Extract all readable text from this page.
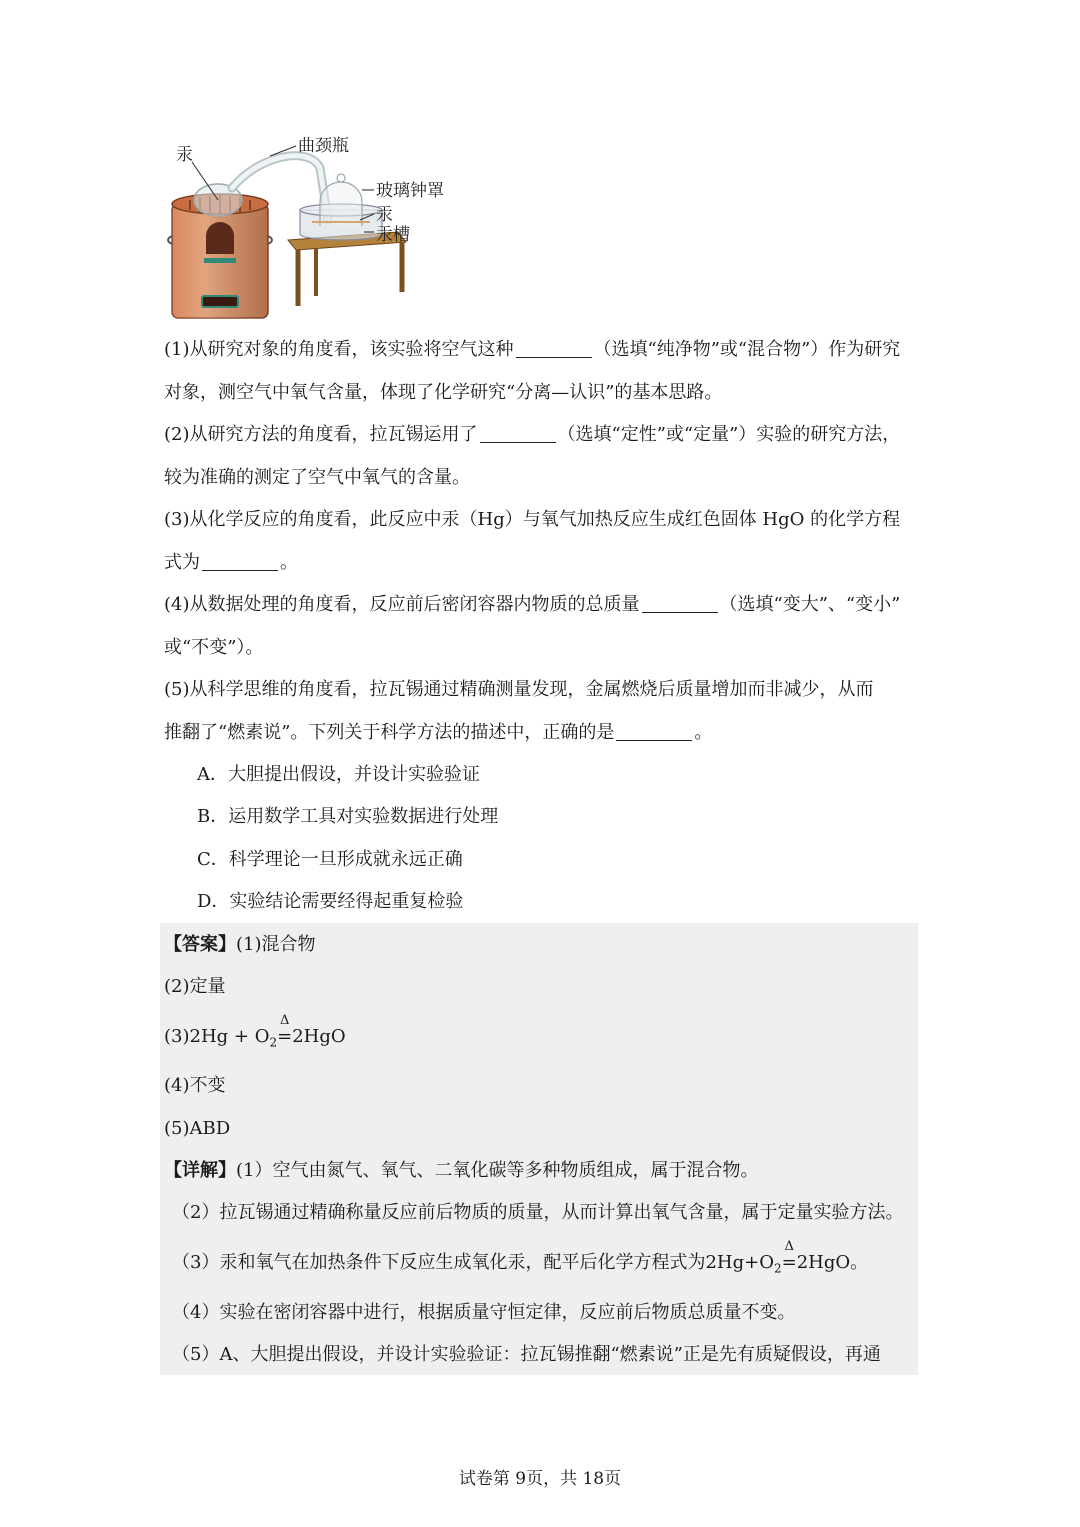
汞	曲颈瓶
玻璃钟罩
汞
汞槽
(1)从研究对象的角度看，该实验将空气这种	（选填“纯净物”或“混合物”）作为研究
对象，测空气中氧气含量，体现了化学研究“分离—认识”的基本思路。
(2)从研究方法的角度看，拉瓦锡运用了	（选填“定性”或“定量”）实验的研究方法，
较为准确的测定了空气中氧气的含量。
(3)从化学反应的角度看，此反应中汞（Hg）与氧气加热反应生成红色固体 HgO 的化学方程
式为	。
(4)从数据处理的角度看，反应前后密闭容器内物质的总质量	（选填“变大”、“变小”
或“不变”）。
(5)从科学思维的角度看，拉瓦锡通过精确测量发现，金属燃烧后质量增加而非减少，从而
推翻了“燃素说”。下列关于科学方法的描述中，正确的是	。
A．大胆提出假设，并设计实验验证
B．运用数学工具对实验数据进行处理
C．科学理论一旦形成就永远正确
D．实验结论需要经得起重复检验
【答案】(1)混合物
(2)定量
$(3)2Hg + O_2$
Δ
=2HgO
(4)不变
(5)ABD
【详解】(1）空气由氮气、氧气、二氧化碳等多种物质组成，属于混合物。
（2）拉瓦锡通过精确称量反应前后物质的质量，从而计算出氧气含量，属于定量实验方法。
（3）汞和氧气在加热条件下反应生成氧化汞，配平后化学方程式为$2Hg+O_2$
Δ
=2HgO。
（4）实验在密闭容器中进行，根据质量守恒定律，反应前后物质总质量不变。
（5）A、大胆提出假设，并设计实验验证：拉瓦锡推翻“燃素说”正是先有质疑假设，再通
试卷第 9页，共 18页
